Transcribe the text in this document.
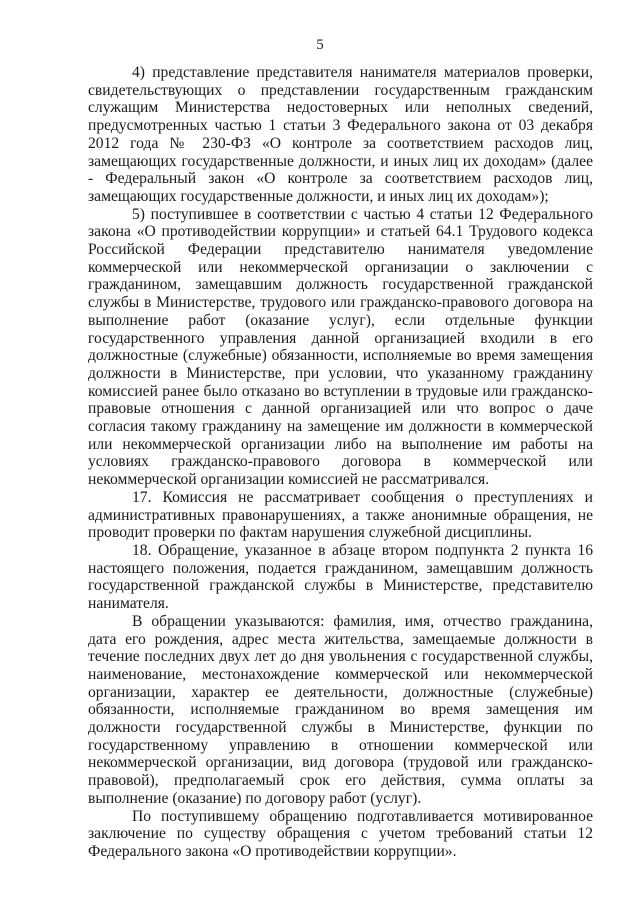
5

4) представление представителя нанимателя материалов проверки, свидетельствующих о представлении государственным гражданским служащим Министерства недостоверных или неполных сведений, предусмотренных частью 1 статьи 3 Федерального закона от 03 декабря 2012 года № 230-ФЗ «О контроле за соответствием расходов лиц, замещающих государственные должности, и иных лиц их доходам» (далее - Федеральный закон «О контроле за соответствием расходов лиц, замещающих государственные должности, и иных лиц их доходам»);

5) поступившее в соответствии с частью 4 статьи 12 Федерального закона «О противодействии коррупции» и статьей 64.1 Трудового кодекса Российской Федерации представителю нанимателя уведомление коммерческой или некоммерческой организации о заключении с гражданином, замещавшим должность государственной гражданской службы в Министерстве, трудового или гражданско-правового договора на выполнение работ (оказание услуг), если отдельные функции государственного управления данной организацией входили в его должностные (служебные) обязанности, исполняемые во время замещения должности в Министерстве, при условии, что указанному гражданину комиссией ранее было отказано во вступлении в трудовые или гражданско-правовые отношения с данной организацией или что вопрос о даче согласия такому гражданину на замещение им должности в коммерческой или некоммерческой организации либо на выполнение им работы на условиях гражданско-правового договора в коммерческой или некоммерческой организации комиссией не рассматривался.

17. Комиссия не рассматривает сообщения о преступлениях и административных правонарушениях, а также анонимные обращения, не проводит проверки по фактам нарушения служебной дисциплины.

18. Обращение, указанное в абзаце втором подпункта 2 пункта 16 настоящего положения, подается гражданином, замещавшим должность государственной гражданской службы в Министерстве, представителю нанимателя.

В обращении указываются: фамилия, имя, отчество гражданина, дата его рождения, адрес места жительства, замещаемые должности в течение последних двух лет до дня увольнения с государственной службы, наименование, местонахождение коммерческой или некоммерческой организации, характер ее деятельности, должностные (служебные) обязанности, исполняемые гражданином во время замещения им должности государственной службы в Министерстве, функции по государственному управлению в отношении коммерческой или некоммерческой организации, вид договора (трудовой или гражданско-правовой), предполагаемый срок его действия, сумма оплаты за выполнение (оказание) по договору работ (услуг).

По поступившему обращению подготавливается мотивированное заключение по существу обращения с учетом требований статьи 12 Федерального закона «О противодействии коррупции».
